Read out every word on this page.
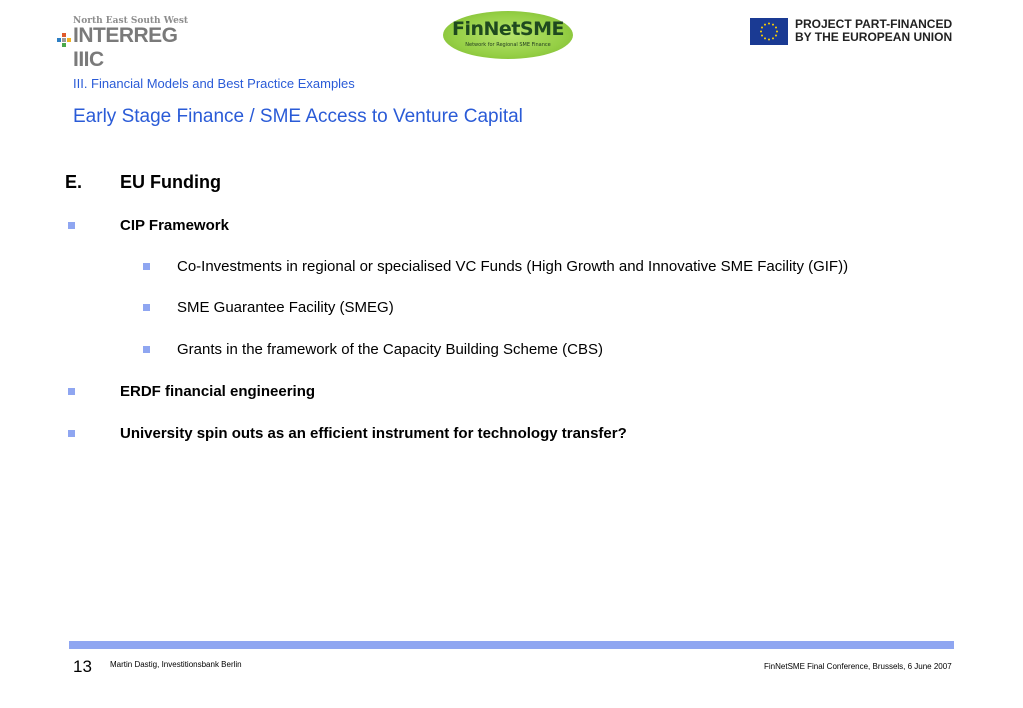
North East South West
INTERREG IIIC
FinNetSME
Network for Regional SME Finance
PROJECT PART-FINANCED
BY THE EUROPEAN UNION
III. Financial Models and Best Practice Examples
Early Stage Finance / SME Access to Venture Capital
E. EU Funding
CIP Framework
Co-Investments in regional or specialised VC Funds (High Growth and Innovative SME Facility (GIF))
SME Guarantee Facility (SMEG)
Grants in the framework of the Capacity Building Scheme (CBS)
ERDF financial engineering
University spin outs as an efficient instrument for technology transfer?
13 Martin Dastig, Investitionsbank Berlin	FinNetSME Final Conference, Brussels, 6 June 2007
